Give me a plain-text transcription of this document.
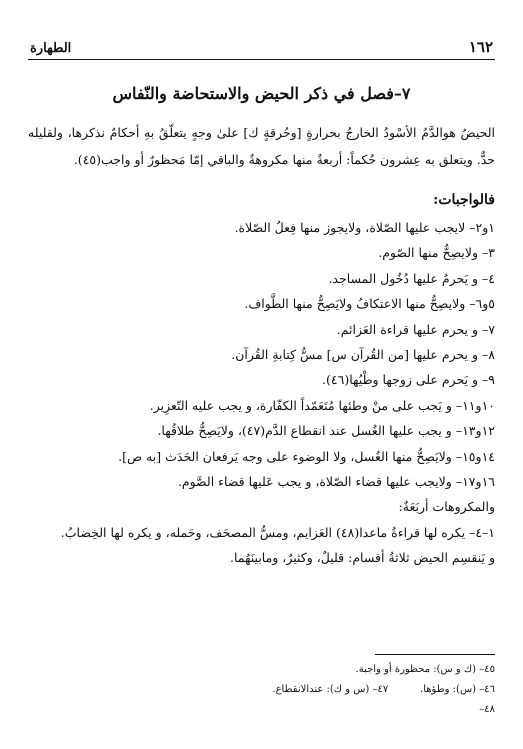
١٦٢
الطهارة
٧–فصل في ذكر الحيض والاستحاضة والنّفاس

الحيضُ هوالدَّمُ الأسْودُ الخارجُ بحرارةٍ [وحُرقةٍ ك] علىٰ وجهٍ يتعلّقُ بهِ أحكامٌ نذكرها، ولقليله حدٌّ. ويتعلق به عِشرون حُكماً: أربعةٌ منها مكروهةٌ والباقي إمّا مَحظورٌ أو واجب(٤٥).

فالواجبات:

١و٢– لايجب عليها الصّلاة، ولايجوز منها فِعلُ الصّلاة.

٣– ولايصِحُّ منها الصّوم.

٤– و يَحرمُ عليها دُخُول المساجد.

٥و٦– ولايصِحُّ منها الاعتكافُ ولايَصِحُّ منها الطَّواف.

٧– و يحرم عليها قراءة العَزائم.

٨– و يحرم عليها [من القُرآن س] مسُّ كِتابةِ القُرآن.

٩– و يَحرم على زوجها وطْيُها(٤٦).

١٠و١١– و يَجب على منْ وطئها مُتَعَمّداً الكفّارة، و يجب عليه التّعزِير.

١٢و١٣– و يجب عليها الغُسل عند انقطاع الدَّم(٤٧)، ولايَصِحُّ طلاقُها.

١٤و١٥– ولايَصِحُّ منها الغُسل، ولا الوضوء على وجه يَرفعان الحَدَث [به ص].

١٦و١٧– ولايجب عليها قضاء الصّلاة، و يجب عَليها قضاء الصَّوم.

والمكروهات أربَعَةٌ:

١–٤– يكره لها قراءةُ ماعدا(٤٨) العَزايم، ومسُّ المصحَف، وحَمله، و يكره لها الخِضابُ.

و يَنقسِم الحيض ثلاثةُ أقسام: قليلٌ، وكثيرٌ، ومابينَهُما.

٤٥– (ك و س): محظورة أو واجبة.

٤٦– (س): وطؤها.          ٤٧– (س و ك): عندالانقطاع.

٤٨–
